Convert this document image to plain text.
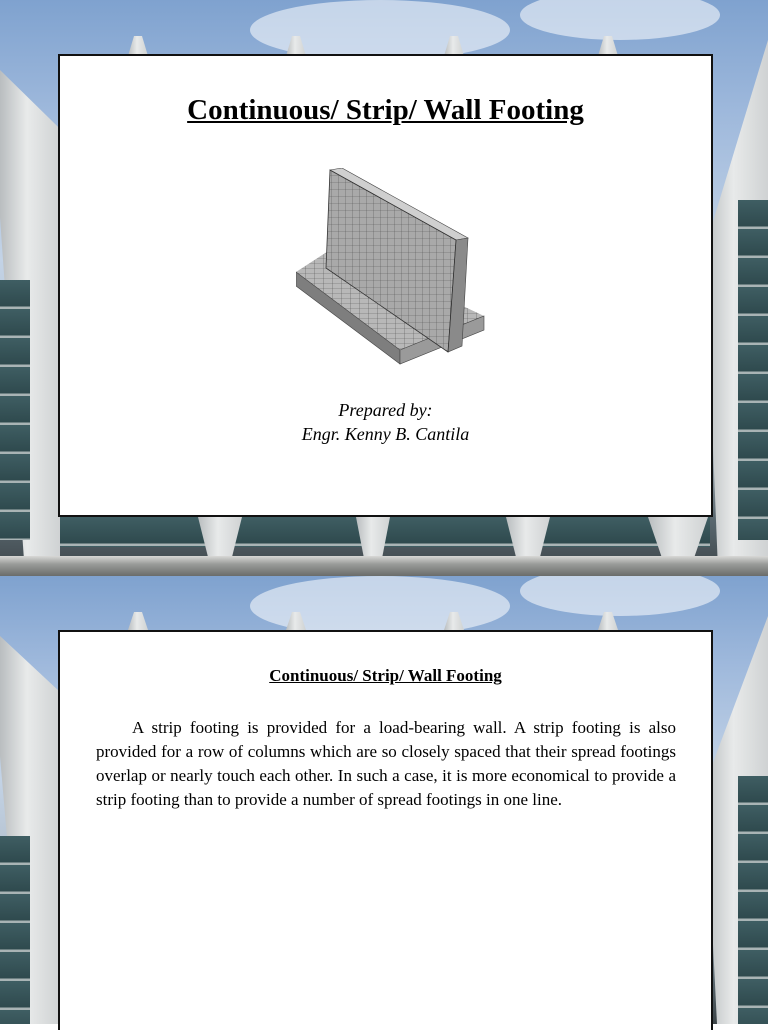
Continuous/ Strip/ Wall Footing
Prepared by:
Engr. Kenny B. Cantila
Continuous/ Strip/ Wall Footing
A strip footing is provided for a load-bearing wall. A strip footing is also provided for a row of columns which are so closely spaced that their spread footings overlap or nearly touch each other. In such a case, it is more economical to provide a strip footing than to provide a number of spread footings in one line.
